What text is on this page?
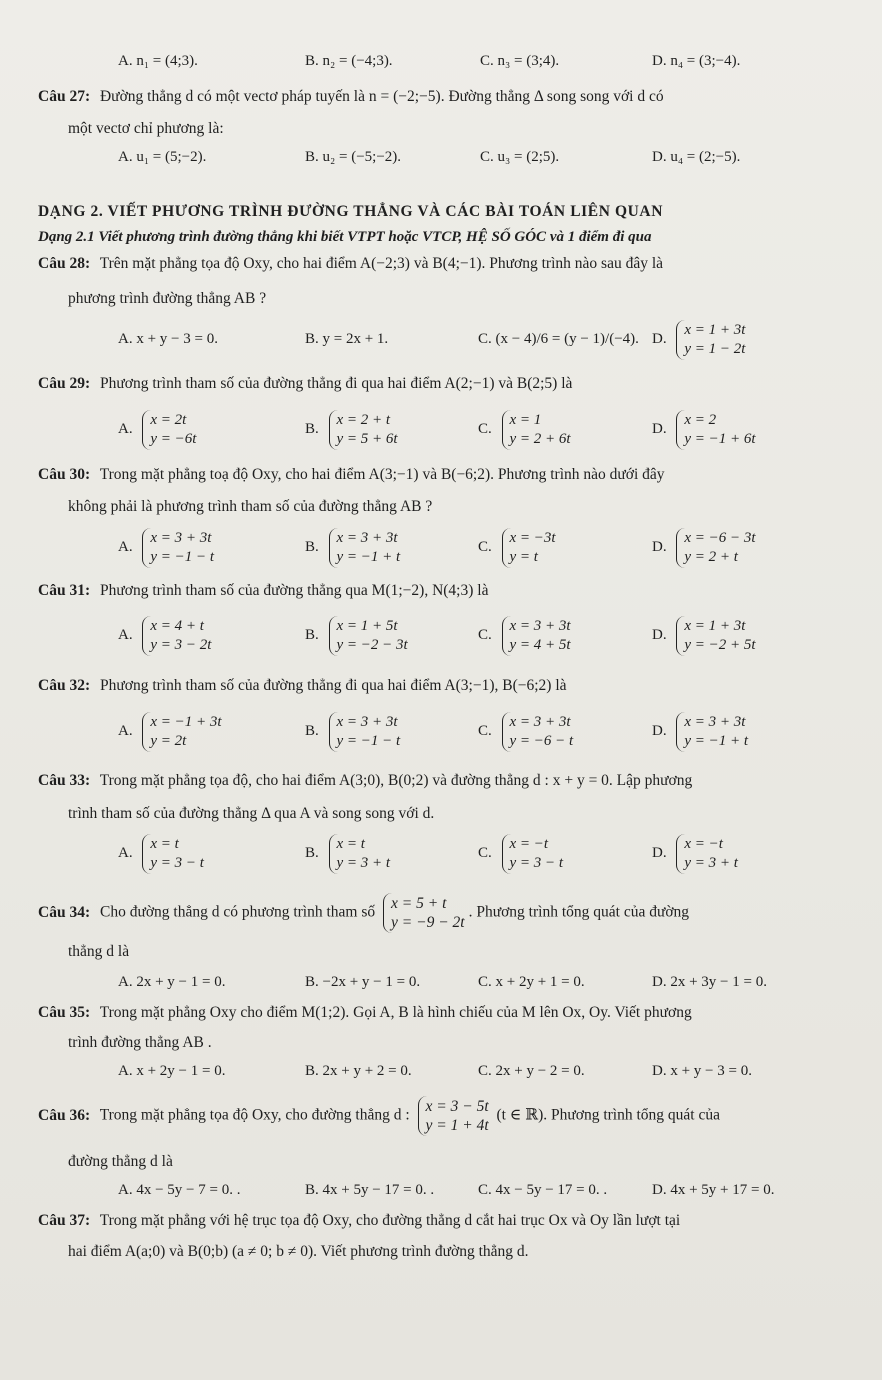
A. n₁ = (4;3).	B. n₂ = (−4;3).	C. n₃ = (3;4).	D. n₄ = (3;−4).
Câu 27: Đường thẳng d có một vectơ pháp tuyến là n = (−2;−5). Đường thẳng Δ song song với d có
một vectơ chỉ phương là:
A. u₁ = (5;−2).	B. u₂ = (−5;−2).	C. u₃ = (2;5).	D. u₄ = (2;−5).
DẠNG 2. VIẾT PHƯƠNG TRÌNH ĐƯỜNG THẲNG VÀ CÁC BÀI TOÁN LIÊN QUAN
Dạng 2.1 Viết phương trình đường thẳng khi biết VTPT hoặc VTCP, HỆ SỐ GÓC và 1 điểm đi qua
Câu 28: Trên mặt phẳng tọa độ Oxy, cho hai điểm A(−2;3) và B(4;−1). Phương trình nào sau đây là
phương trình đường thẳng AB ?
A. x + y − 3 = 0.	B. y = 2x + 1.	C. (x − 4)/6 = (y − 1)/(−4). D.
x = 1 + 3t
y = 1 − 2t
Câu 29: Phương trình tham số của đường thẳng đi qua hai điểm A(2;−1) và B(2;5) là
A.
x = 2t
y = −6t
B.
x = 2 + t
y = 5 + 6t
C.
x = 1
y = 2 + 6t
D.
x = 2
y = −1 + 6t
Câu 30: Trong mặt phẳng toạ độ Oxy, cho hai điểm A(3;−1) và B(−6;2). Phương trình nào dưới đây
không phải là phương trình tham số của đường thẳng AB ?
A.
x = 3 + 3t
y = −1 − t
B.
x = 3 + 3t
y = −1 + t
C.
x = −3t
y = t
D.
x = −6 − 3t
y = 2 + t
Câu 31: Phương trình tham số của đường thẳng qua M(1;−2), N(4;3) là
A.
x = 4 + t
y = 3 − 2t
B.
x = 1 + 5t
y = −2 − 3t
C.
x = 3 + 3t
y = 4 + 5t
D.
x = 1 + 3t
y = −2 + 5t
Câu 32: Phương trình tham số của đường thẳng đi qua hai điểm A(3;−1), B(−6;2) là
A.
x = −1 + 3t
y = 2t
B.
x = 3 + 3t
y = −1 − t
C.
x = 3 + 3t
y = −6 − t
D.
x = 3 + 3t
y = −1 + t
Câu 33: Trong mặt phẳng tọa độ, cho hai điểm A(3;0), B(0;2) và đường thẳng d : x + y = 0. Lập phương
trình tham số của đường thẳng Δ qua A và song song với d.
A.
x = t
y = 3 − t
B.
x = t
y = 3 + t
C.
x = −t
y = 3 − t
D.
x = −t
y = 3 + t
Câu 34: Cho đường thẳng d có phương trình tham số
x = 5 + t
y = −9 − 2t
. Phương trình tổng quát của đường
thẳng d là
A. 2x + y − 1 = 0.	B. −2x + y − 1 = 0.	C. x + 2y + 1 = 0.	D. 2x + 3y − 1 = 0.
Câu 35: Trong mặt phẳng Oxy cho điểm M(1;2). Gọi A, B là hình chiếu của M lên Ox, Oy. Viết phương
trình đường thẳng AB .
A. x + 2y − 1 = 0.	B. 2x + y + 2 = 0.	C. 2x + y − 2 = 0.	D. x + y − 3 = 0.
Câu 36: Trong mặt phẳng tọa độ Oxy, cho đường thẳng d :
x = 3 − 5t
y = 1 + 4t
(t ∈ ℝ). Phương trình tổng quát của
đường thẳng d là
A. 4x − 5y − 7 = 0. .	B. 4x + 5y − 17 = 0. .	C. 4x − 5y − 17 = 0. .	D. 4x + 5y + 17 = 0.
Câu 37: Trong mặt phẳng với hệ trục tọa độ Oxy, cho đường thẳng d cắt hai trục Ox và Oy lần lượt tại
hai điểm A(a;0) và B(0;b) (a ≠ 0; b ≠ 0). Viết phương trình đường thẳng d.
